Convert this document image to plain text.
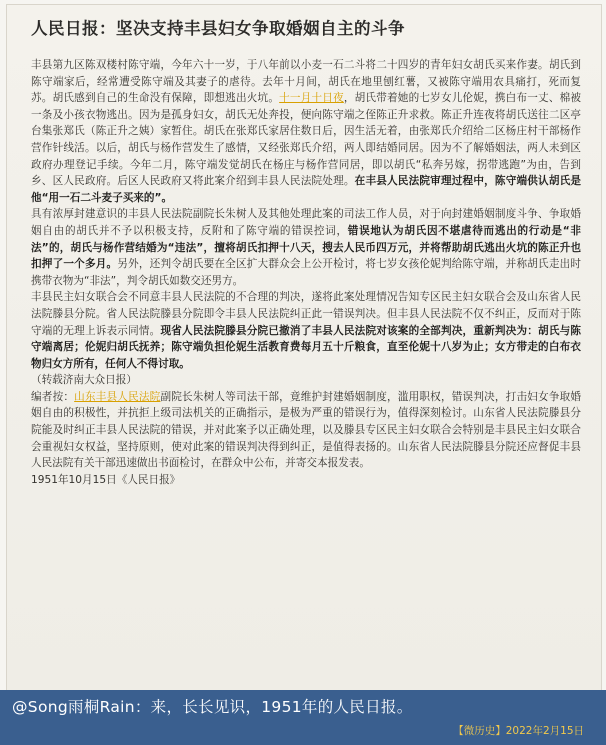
人民日报：坚决支持丰县妇女争取婚姻自主的斗争

丰县第九区陈双楼村陈守端，今年六十一岁，于八年前以小麦一石二斗将二十四岁的青年妇女胡氏买来作妻。胡氏到陈守端家后，经常遭受陈守端及其妻子的虐待。去年十月间，胡氏在地里刨红薯，又被陈守端用农具痛打，死而复苏。胡氏感到自己的生命没有保障，即想逃出火坑。十一月十日夜，胡氏带着她的七岁女儿伦妮，携白布一丈、棉被一条及小孩衣物逃出。因为是孤身妇女，胡氏无处奔投，便向陈守端之侄陈正升求救。陈正升连夜将胡氏送往二区亭台集张郑氏（陈正升之姨）家暂住。胡氏在张郑氏家居住数日后，因生活无着，由张郑氏介绍给二区杨庄村干部杨作营作针线活。以后，胡氏与杨作营发生了感情，又经张郑氏介绍，两人即结婚同居。因为不了解婚姻法，两人未到区政府办理登记手续。今年二月，陈守端发觉胡氏在杨庄与杨作营同居，即以胡氏“私奔另嫁，拐带逃跑”为由，告到乡、区人民政府。后区人民政府又将此案介绍到丰县人民法院处理。在丰县人民法院审理过程中，陈守端供认胡氏是他“用一石二斗麦子买来的”。

具有浓厚封建意识的丰县人民法院副院长朱树人及其他处理此案的司法工作人员，对于向封建婚姻制度斗争、争取婚姻自由的胡氏并不予以积极支持，反附和了陈守端的错误控词，错误地认为胡氏因不堪虐待而逃出的行动是“非法”的，胡氏与杨作营结婚为“违法”，擅将胡氏扣押十八天，搜去人民币四万元，并将帮助胡氏逃出火坑的陈正升也扣押了一个多月。另外，还判令胡氏要在全区扩大群众会上公开检讨，将七岁女孩伦妮判给陈守端，并称胡氏走出时携带衣物为“非法”，判令胡氏如数交还男方。

丰县民主妇女联合会不同意丰县人民法院的不合理的判决，遂将此案处理情况告知专区民主妇女联合会及山东省人民法院滕县分院。省人民法院滕县分院即令丰县人民法院纠正此一错误判决。但丰县人民法院不仅不纠正，反而对于陈守端的无理上诉表示同情。现省人民法院滕县分院已撤消了丰县人民法院对该案的全部判决，重新判决为：胡氏与陈守端离居；伦妮归胡氏抚养；陈守端负担伦妮生活教育费每月五十斤粮食，直至伦妮十八岁为止；女方带走的白布衣物归女方所有，任何人不得讨取。

（转载济南大众日报）

编者按：山东丰县人民法院副院长朱树人等司法干部，竟维护封建婚姻制度，滥用职权，错误判决，打击妇女争取婚姻自由的积极性，并抗拒上级司法机关的正确指示，是极为严重的错误行为，值得深刻检讨。山东省人民法院滕县分院能及时纠正丰县人民法院的错误，并对此案予以正确处理，以及滕县专区民主妇女联合会特别是丰县民主妇女联合会重视妇女权益，坚持原则，使对此案的错误判决得到纠正，是值得表扬的。山东省人民法院滕县分院还应督促丰县人民法院有关干部迅速做出书面检讨，在群众中公布，并寄交本报发表。

1951年10月15日《人民日报》

@Song雨桐Rain：来，长长见识，1951年的人民日报。
【微历史】2022年2月15日
